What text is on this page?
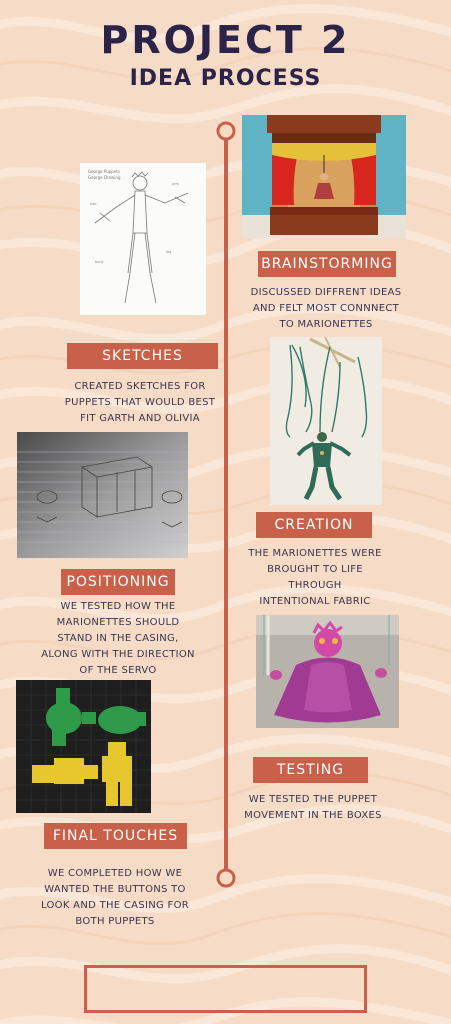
PROJECT 2
IDEA PROCESS
George Puppets
George Drawing
hair
arm
leg
body	BRAINSTORMING
DISCUSSED DIFFRENT IDEAS
AND FELT MOST CONNNECT
TO MARIONETTES
SKETCHES
CREATED SKETCHES FOR
PUPPETS THAT WOULD BEST
FIT GARTH AND OLIVIA
CREATION
THE MARIONETTES WERE
BROUGHT TO LIFE THROUGH
INTENTIONAL FABRIC
POSITIONING
WE TESTED HOW THE
MARIONETTES SHOULD
STAND IN THE CASING,
ALONG WITH THE DIRECTION
OF THE SERVO
TESTING
WE TESTED THE PUPPET
MOVEMENT IN THE BOXES
FINAL TOUCHES
WE COMPLETED HOW WE
WANTED THE BUTTONS TO
LOOK AND THE CASING FOR
BOTH PUPPETS
